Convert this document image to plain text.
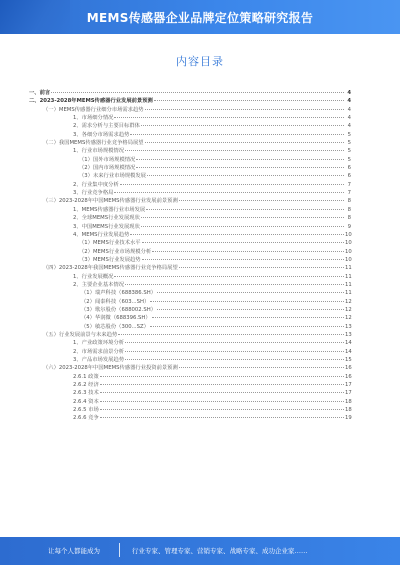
MEMS传感器企业品牌定位策略研究报告
内容目录
一、前言	4
二、2023-2028年MEMS传感器行业发展前景预测	4
（一）MEMS传感器行业细分市场需求趋势	4
1、市场细分情况	4
2、需求分析与主要目标群体	4
3、各细分市场需求趋势	5
（二）我国MEMS传感器行业竞争格局展望	5
1、行业市场规模情况	5
（1）国外市场规模情况	5
（2）国内市场规模情况	6
（3）未来行业市场规模发展	6
2、行业集中度分析	7
3、行业竞争格局	7
（三）2023-2028年中国MEMS传感器行业发展前景预测	8
1、MEMS传感器行业市场发展	8
2、全球MEMS行业发展现状	8
3、中国MEMS行业发展现状	9
4、MEMS行业发展趋势	10
（1）MEMS行业技术水平	10
（2）MEMS行业市场规模分析	10
（3）MEMS行业发展趋势	10
（四）2023-2028年我国MEMS传感器行业竞争格局展望	11
1、行业发展概况	11
2、主要企业基本情况	11
（1）瑞声科技（688386.SH）	11
（2）闻泰科技（603...SH）	12
（3）歌尔股份（688002.SH）	12
（4）华润微（688396.SH）	12
（5）敏芯股份（300...SZ）	13
（五）行业发展前景与未来趋势	13
1、产业政策环境分析	14
2、市场需求前景分析	14
3、产品市场发展趋势	15
（六）2023-2028年中国MEMS传感器行业投资前景预测	16
2.6.1 政策	16
2.6.2 经济	17
2.6.3 技术	17
2.6.4 资本	18
2.6.5 市场	18
2.6.6 竞争	19
让每个人都能成为	行业专家、管理专家、营销专家、战略专家、成功企业家……
